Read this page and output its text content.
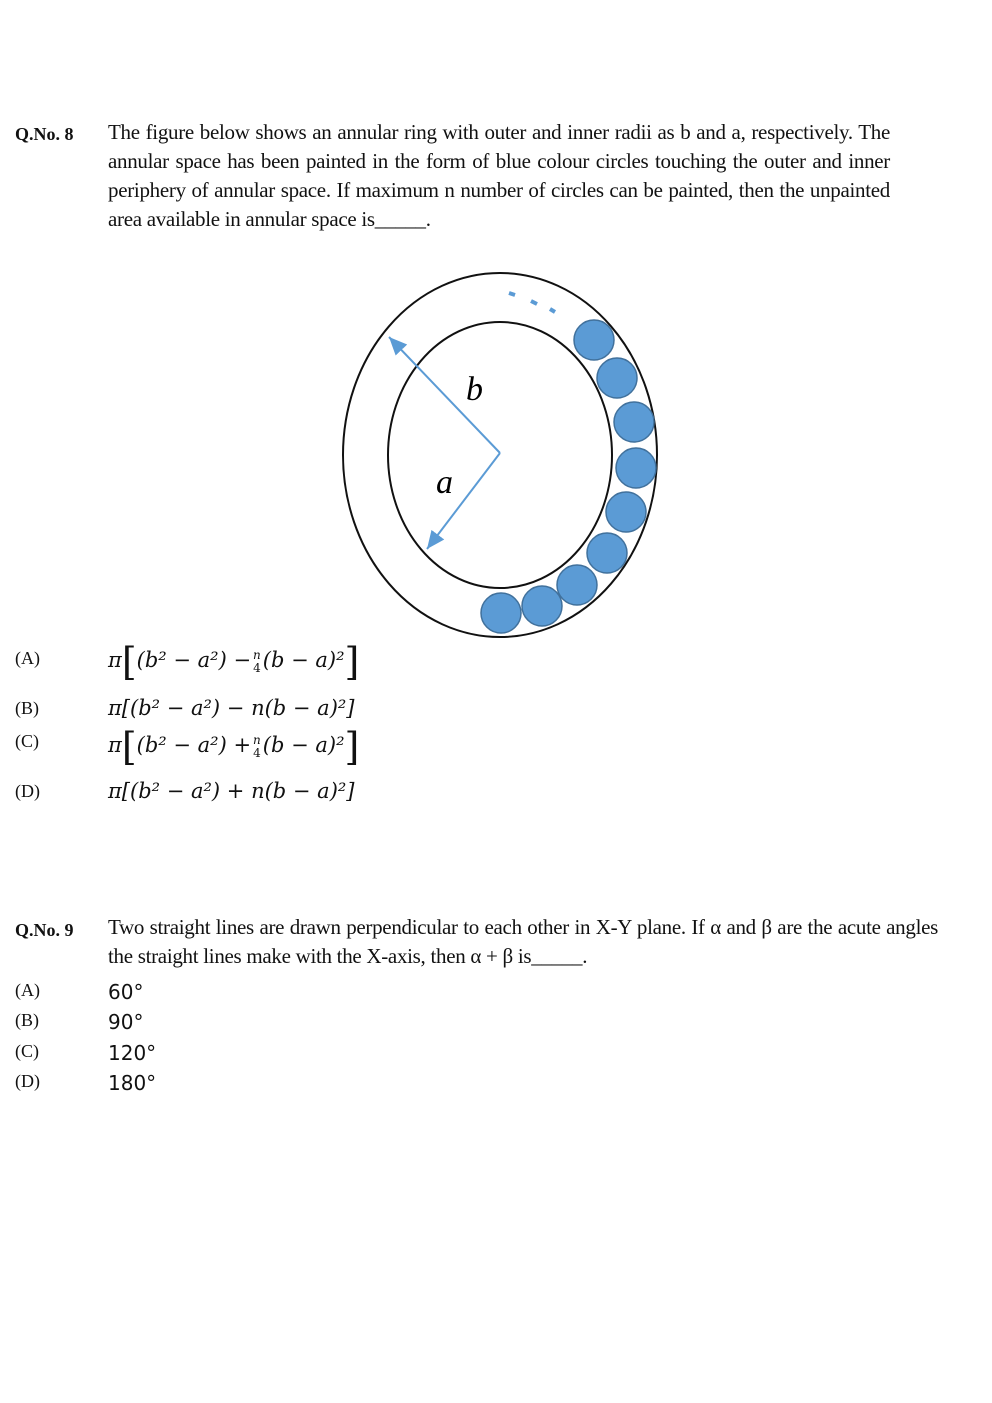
Q.No. 8 The figure below shows an annular ring with outer and inner radii as b and a, respectively. The annular space has been painted in the form of blue colour circles touching the outer and inner periphery of annular space. If maximum n number of circles can be painted, then the unpainted area available in annular space is_____.
b
a
(A)	π[(b² − a²) − n
4 (b − a)²]
(B)	π[(b² − a²) − n(b − a)²]
(C)	π[(b² − a²) + n
4 (b − a)²]
(D)	π[(b² − a²) + n(b − a)²]
Q.No. 9 Two straight lines are drawn perpendicular to each other in X-Y plane. If α and β are the acute angles the straight lines make with the X-axis, then α + β is_____.
(A)	60°
(B)	90°
(C)	120°
(D)	180°
